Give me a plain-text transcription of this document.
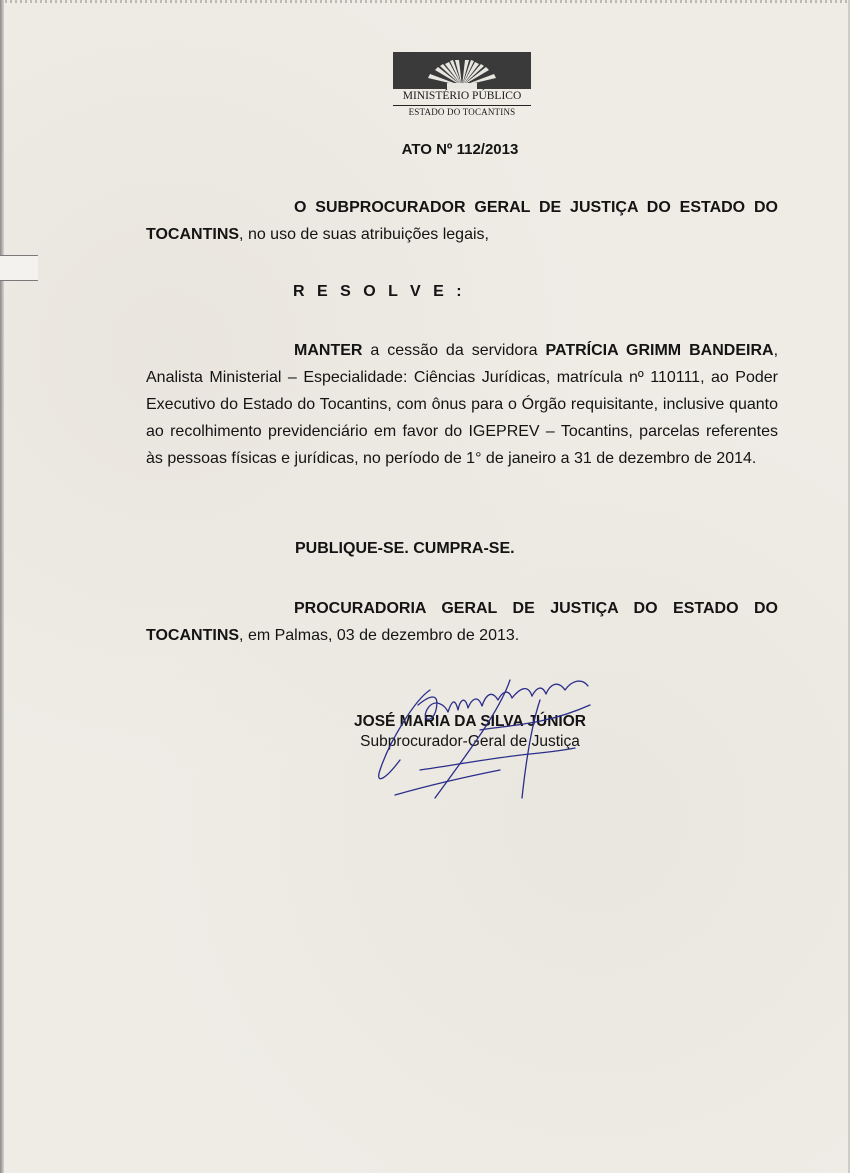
MINISTÉRIO PÚBLICO
ESTADO DO TOCANTINS
ATO Nº 112/2013

O SUBPROCURADOR GERAL DE JUSTIÇA DO ESTADO DO TOCANTINS, no uso de suas atribuições legais,

R E S O L V E :

MANTER a cessão da servidora PATRÍCIA GRIMM BANDEIRA, Analista Ministerial – Especialidade: Ciências Jurídicas, matrícula nº 110111, ao Poder Executivo do Estado do Tocantins, com ônus para o Órgão requisitante, inclusive quanto ao recolhimento previdenciário em favor do IGEPREV – Tocantins, parcelas referentes às pessoas físicas e jurídicas, no período de 1° de janeiro a 31 de dezembro de 2014.

PUBLIQUE-SE. CUMPRA-SE.

PROCURADORIA GERAL DE JUSTIÇA DO ESTADO DO TOCANTINS, em Palmas, 03 de dezembro de 2013.

JOSÉ MARIA DA SILVA JÚNIOR
Subprocurador-Geral de Justiça
